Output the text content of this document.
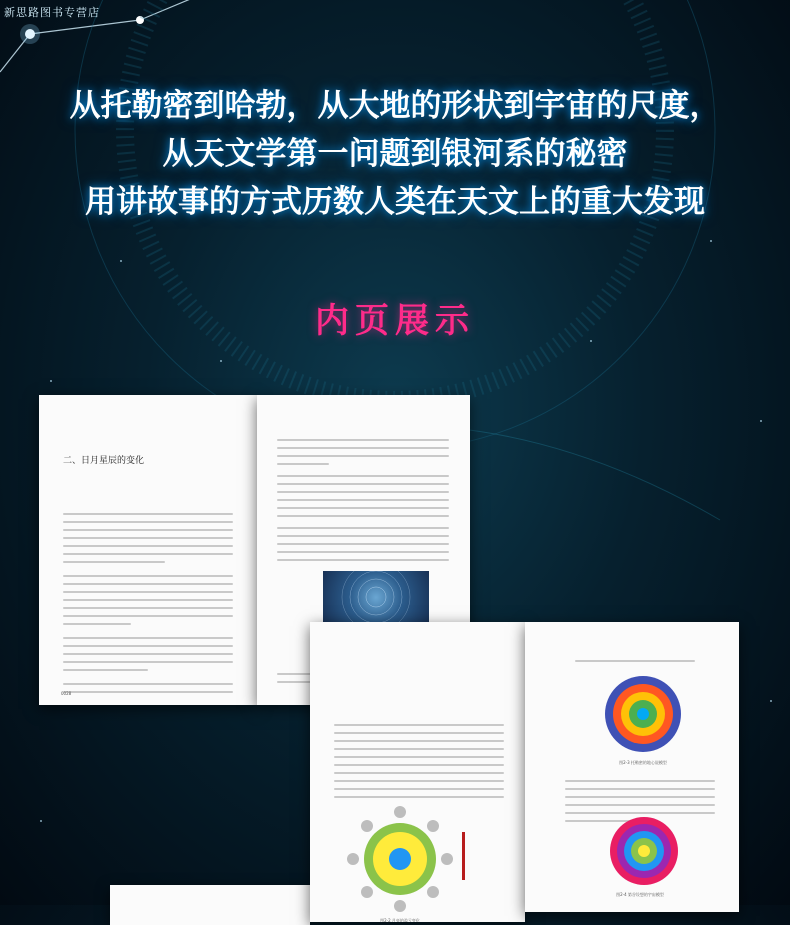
新思路图书专营店
从托勒密到哈勃，从大地的形状到宇宙的尺度，
从天文学第一问题到银河系的秘密
用讲故事的方式历数人类在天文上的重大发现
内页展示
二、日月星辰的变化
0028
图2-2 月亮的盈亏变化
图2-3 托勒密的地心说模型
图2-4 第谷设想的宇宙模型
